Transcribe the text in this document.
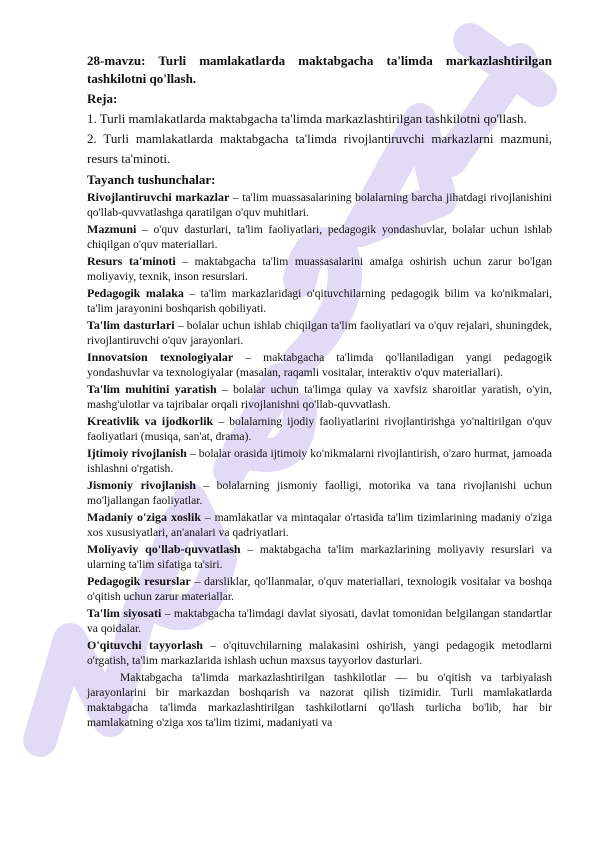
28-mavzu: Turli mamlakatlarda maktabgacha ta'limda markazlashtirilgan tashkilotni qo'llash.

Reja:

1. Turli mamlakatlarda maktabgacha ta'limda markazlashtirilgan tashkilotni qo'llash.

2. Turli mamlakatlarda maktabgacha ta'limda rivojlantiruvchi markazlarni mazmuni, resurs ta'minoti.

Tayanch tushunchalar:

Rivojlantiruvchi markazlar – ta'lim muassasalarining bolalarning barcha jihatdagi rivojlanishini qo'llab-quvvatlashga qaratilgan o'quv muhitlari.

Mazmuni – o'quv dasturlari, ta'lim faoliyatlari, pedagogik yondashuvlar, bolalar uchun ishlab chiqilgan o'quv materiallari.

Resurs ta'minoti – maktabgacha ta'lim muassasalarini amalga oshirish uchun zarur bo'lgan moliyaviy, texnik, inson resurslari.

Pedagogik malaka – ta'lim markazlaridagi o'qituvchilarning pedagogik bilim va ko'nikmalari, ta'lim jarayonini boshqarish qobiliyati.

Ta'lim dasturlari – bolalar uchun ishlab chiqilgan ta'lim faoliyatlari va o'quv rejalari, shuningdek, rivojlantiruvchi o'quv jarayonlari.

Innovatsion texnologiyalar – maktabgacha ta'limda qo'llaniladigan yangi pedagogik yondashuvlar va texnologiyalar (masalan, raqamli vositalar, interaktiv o'quv materiallari).

Ta'lim muhitini yaratish – bolalar uchun ta'limga qulay va xavfsiz sharoitlar yaratish, o'yin, mashg'ulotlar va tajribalar orqali rivojlanishni qo'llab-quvvatlash.

Kreativlik va ijodkorlik – bolalarning ijodiy faoliyatlarini rivojlantirishga yo'naltirilgan o'quv faoliyatlari (musiqa, san'at, drama).

Ijtimoiy rivojlanish – bolalar orasida ijtimoiy ko'nikmalarni rivojlantirish, o'zaro hurmat, jamoada ishlashni o'rgatish.

Jismoniy rivojlanish – bolalarning jismoniy faolligi, motorika va tana rivojlanishi uchun mo'ljallangan faoliyatlar.

Madaniy o'ziga xoslik – mamlakatlar va mintaqalar o'rtasida ta'lim tizimlarining madaniy o'ziga xos xususiyatlari, an'analari va qadriyatlari.

Moliyaviy qo'llab-quvvatlash – maktabgacha ta'lim markazlarining moliyaviy resurslari va ularning ta'lim sifatiga ta'siri.

Pedagogik resurslar – darsliklar, qo'llanmalar, o'quv materiallari, texnologik vositalar va boshqa o'qitish uchun zarur materiallar.

Ta'lim siyosati – maktabgacha ta'limdagi davlat siyosati, davlat tomonidan belgilangan standartlar va qoidalar.

O'qituvchi tayyorlash – o'qituvchilarning malakasini oshirish, yangi pedagogik metodlarni o'rgatish, ta'lim markazlarida ishlash uchun maxsus tayyorlov dasturlari.

Maktabgacha ta'limda markazlashtirilgan tashkilotlar — bu o'qitish va tarbiyalash jarayonlarini bir markazdan boshqarish va nazorat qilish tizimidir. Turli mamlakatlarda maktabgacha ta'limda markazlashtirilgan tashkilotlarni qo'llash turlicha bo'lib, har bir mamlakatning o'ziga xos ta'lim tizimi, madaniyati va
